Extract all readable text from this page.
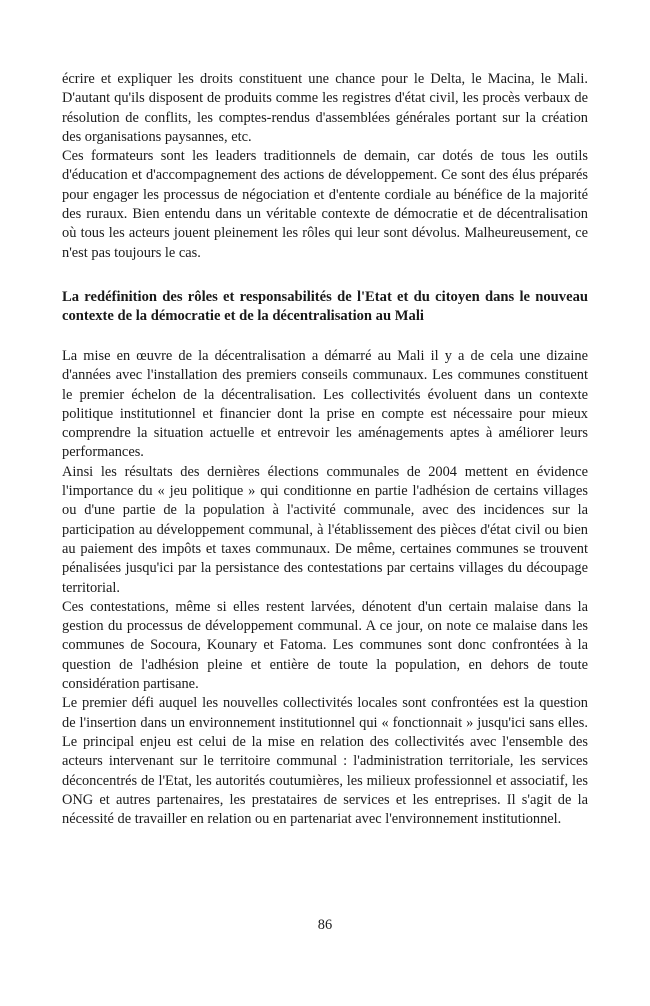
écrire et expliquer les droits constituent une chance pour le Delta, le Macina, le Mali. D'autant qu'ils disposent de produits comme les registres d'état civil, les procès verbaux de résolution de conflits, les comptes-rendus d'assemblées générales portant sur la création des organisations paysannes, etc.

Ces formateurs sont les leaders traditionnels de demain, car dotés de tous les outils d'éducation et d'accompagnement des actions de développement. Ce sont des élus préparés pour engager les processus de négociation et d'entente cordiale au bénéfice de la majorité des ruraux. Bien entendu dans un véritable contexte de démocratie et de décentralisation où tous les acteurs jouent pleinement les rôles qui leur sont dévolus. Malheureusement, ce n'est pas toujours le cas.

La redéfinition des rôles et responsabilités de l'Etat et du citoyen dans le nouveau contexte de la démocratie et de la décentralisation au Mali

La mise en œuvre de la décentralisation a démarré au Mali il y a de cela une dizaine d'années avec l'installation des premiers conseils communaux. Les communes constituent le premier échelon de la décentralisation. Les collectivités évoluent dans un contexte politique institutionnel et financier dont la prise en compte est nécessaire pour mieux comprendre la situation actuelle et entrevoir les aménagements aptes à améliorer leurs performances.

Ainsi les résultats des dernières élections communales de 2004 mettent en évidence l'importance du « jeu politique » qui conditionne en partie l'adhésion de certains villages ou d'une partie de la population à l'activité communale, avec des incidences sur la participation au développement communal, à l'établissement des pièces d'état civil ou bien au paiement des impôts et taxes communaux. De même, certaines communes se trouvent pénalisées jusqu'ici par la persistance des contestations par certains villages du découpage territorial.

Ces contestations, même si elles restent larvées, dénotent d'un certain malaise dans la gestion du processus de développement communal. A ce jour, on note ce malaise dans les communes de Socoura, Kounary et Fatoma. Les communes sont donc confrontées à la question de l'adhésion pleine et entière de toute la population, en dehors de toute considération partisane.

Le premier défi auquel les nouvelles collectivités locales sont confrontées est la question de l'insertion dans un environnement institutionnel qui « fonctionnait » jusqu'ici sans elles. Le principal enjeu est celui de la mise en relation des collectivités avec l'ensemble des acteurs intervenant sur le territoire communal : l'administration territoriale, les services déconcentrés de l'Etat, les autorités coutumières, les milieux professionnel et associatif, les ONG et autres partenaires, les prestataires de services et les entreprises. Il s'agit de la nécessité de travailler en relation ou en partenariat avec l'environnement institutionnel.

86
